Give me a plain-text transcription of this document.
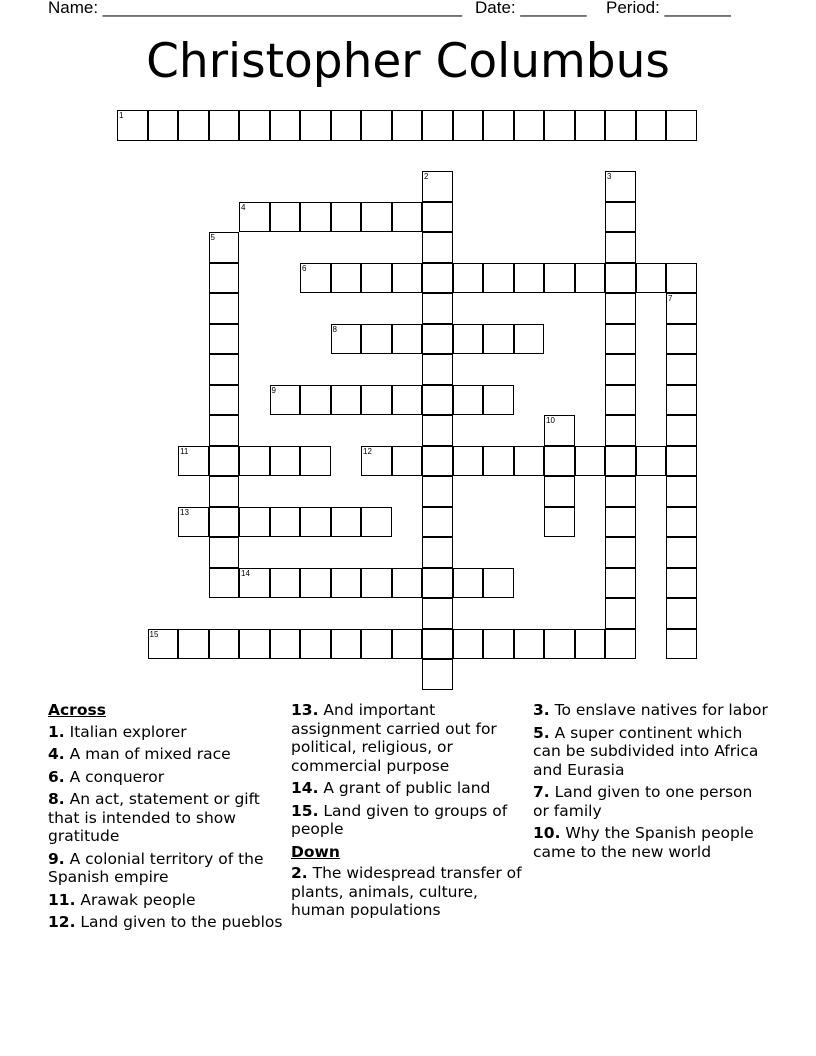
Name: ______________________________________ Date: _______ Period: _______
Christopher Columbus
1
2	3
4
5
6
7
8
9
10
11	12
13
14
15
Across
1. Italian explorer
4. A man of mixed race
6. A conqueror
8. An act, statement or gift that is intended to show gratitude
9. A colonial territory of the Spanish empire
11. Arawak people
12. Land given to the pueblos
13. And important assignment carried out for political, religious, or commercial purpose
14. A grant of public land
15. Land given to groups of people
Down
2. The widespread transfer of plants, animals, culture, human populations
3. To enslave natives for labor
5. A super continent which can be subdivided into Africa and Eurasia
7. Land given to one person or family
10. Why the Spanish people came to the new world
